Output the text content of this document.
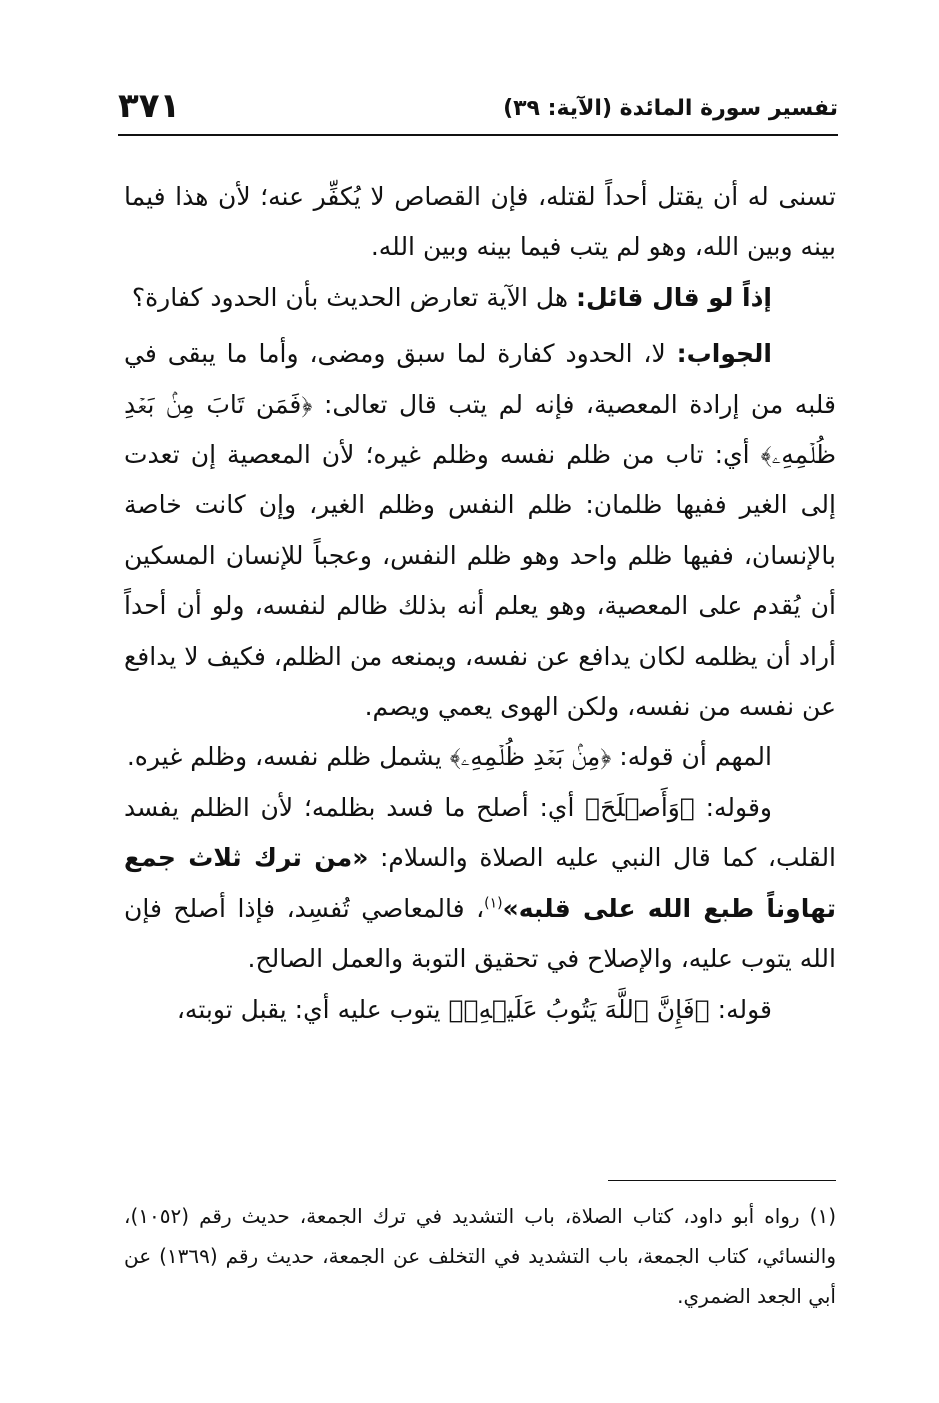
تفسير سورة المائدة (الآية: ٣٩)
٣٧١

تسنى له أن يقتل أحداً لقتله، فإن القصاص لا يُكفِّر عنه؛ لأن هذا فيما بينه وبين الله، وهو لم يتب فيما بينه وبين الله.

إذاً لو قال قائل: هل الآية تعارض الحديث بأن الحدود كفارة؟

الجواب: لا، الحدود كفارة لما سبق ومضى، وأما ما يبقى في قلبه من إرادة المعصية، فإنه لم يتب قال تعالى: ﴿فَمَن تَابَ مِنۢ بَعۡدِ ظُلۡمِهِۦ﴾ أي: تاب من ظلم نفسه وظلم غيره؛ لأن المعصية إن تعدت إلى الغير ففيها ظلمان: ظلم النفس وظلم الغير، وإن كانت خاصة بالإنسان، ففيها ظلم واحد وهو ظلم النفس، وعجباً للإنسان المسكين أن يُقدم على المعصية، وهو يعلم أنه بذلك ظالم لنفسه، ولو أن أحداً أراد أن يظلمه لكان يدافع عن نفسه، ويمنعه من الظلم، فكيف لا يدافع عن نفسه من نفسه، ولكن الهوى يعمي ويصم.

المهم أن قوله: ﴿مِنۢ بَعۡدِ ظُلۡمِهِۦ﴾ يشمل ظلم نفسه، وظلم غيره.

وقوله: ﴿وَأَصۡلَحَ﴾ أي: أصلح ما فسد بظلمه؛ لأن الظلم يفسد القلب، كما قال النبي عليه الصلاة والسلام: «من ترك ثلاث جمع تهاوناً طبع الله على قلبه»$^{(١)}$، فالمعاصي تُفسِد، فإذا أصلح فإن الله يتوب عليه، والإصلاح في تحقيق التوبة والعمل الصالح.

قوله: ﴿فَإِنَّ ٱللَّهَ يَتُوبُ عَلَيۡهِۗ﴾ يتوب عليه أي: يقبل توبته،

(١) رواه أبو داود، كتاب الصلاة، باب التشديد في ترك الجمعة، حديث رقم (١٠٥٢)، والنسائي، كتاب الجمعة، باب التشديد في التخلف عن الجمعة، حديث رقم (١٣٦٩) عن أبي الجعد الضمري.
